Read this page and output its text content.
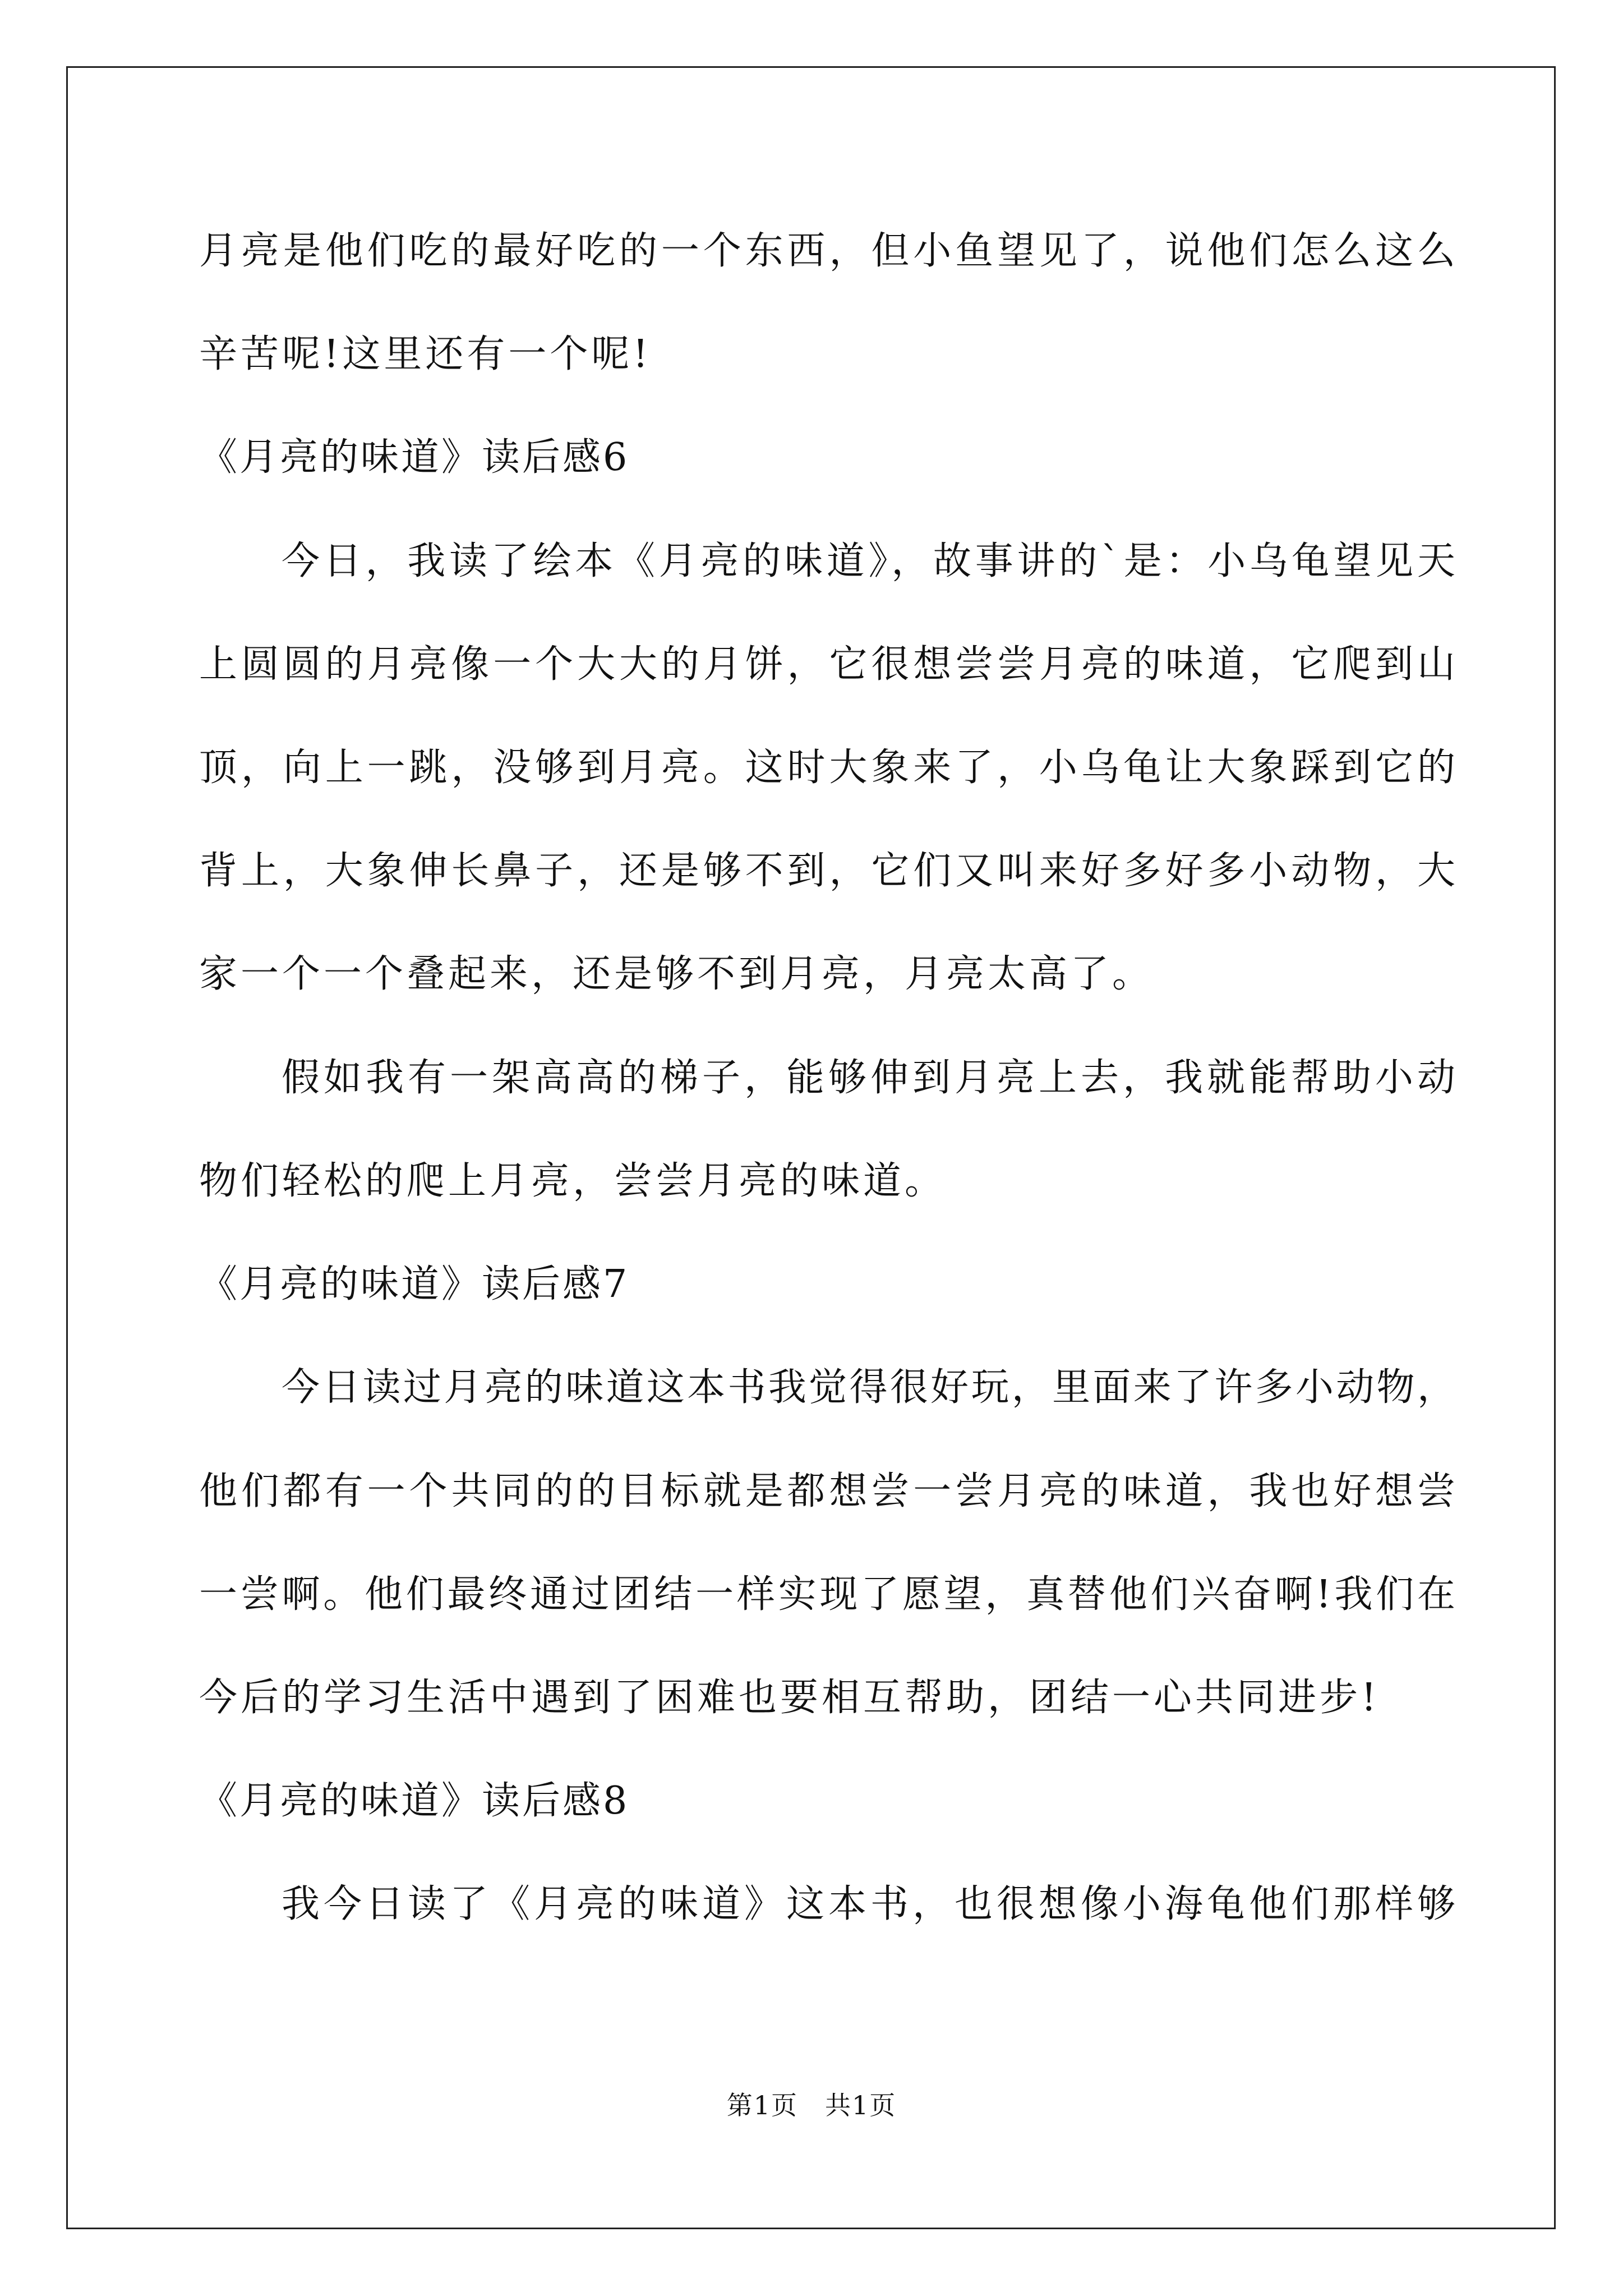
月亮是他们吃的最好吃的一个东西，但小鱼望见了，说他们怎么这么
辛苦呢!这里还有一个呢!
《月亮的味道》读后感6
今日，我读了绘本《月亮的味道》，故事讲的`是：小乌龟望见天
上圆圆的月亮像一个大大的月饼，它很想尝尝月亮的味道，它爬到山
顶，向上一跳，没够到月亮。这时大象来了，小乌龟让大象踩到它的
背上，大象伸长鼻子，还是够不到，它们又叫来好多好多小动物，大
家一个一个叠起来，还是够不到月亮，月亮太高了。
假如我有一架高高的梯子，能够伸到月亮上去，我就能帮助小动
物们轻松的爬上月亮，尝尝月亮的味道。
《月亮的味道》读后感7
今日读过月亮的味道这本书我觉得很好玩，里面来了许多小动物，
他们都有一个共同的的目标就是都想尝一尝月亮的味道，我也好想尝
一尝啊。他们最终通过团结一样实现了愿望，真替他们兴奋啊!我们在
今后的学习生活中遇到了困难也要相互帮助，团结一心共同进步!
《月亮的味道》读后感8
我今日读了《月亮的味道》这本书，也很想像小海龟他们那样够
第1页　共1页
